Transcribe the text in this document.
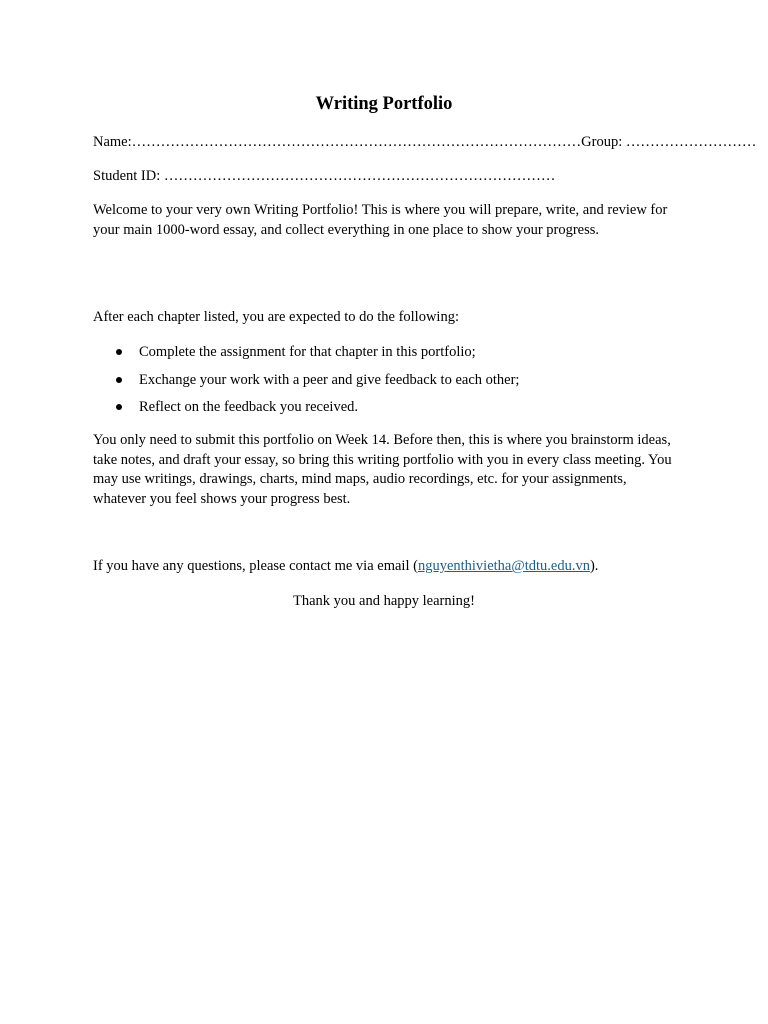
Writing Portfolio

Name:…………………………………………………………………………………Group: ………………………

Student ID: ………………………………………………………………………

Welcome to your very own Writing Portfolio! This is where you will prepare, write, and review for your main 1000-word essay, and collect everything in one place to show your progress.

After each chapter listed, you are expected to do the following:

Complete the assignment for that chapter in this portfolio;
Exchange your work with a peer and give feedback to each other;
Reflect on the feedback you received.

You only need to submit this portfolio on Week 14. Before then, this is where you brainstorm ideas, take notes, and draft your essay, so bring this writing portfolio with you in every class meeting. You may use writings, drawings, charts, mind maps, audio recordings, etc. for your assignments, whatever you feel shows your progress best.

If you have any questions, please contact me via email (nguyenthivietha@tdtu.edu.vn).

Thank you and happy learning!
